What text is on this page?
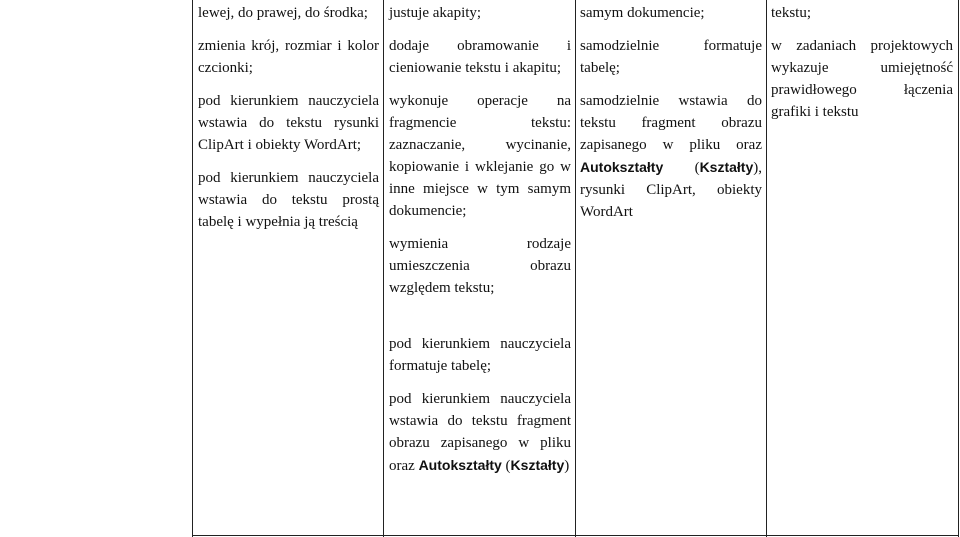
lewej, do prawej, do środka;
zmienia krój, rozmiar i kolor czcionki;
pod kierunkiem nauczyciela wstawia do tekstu rysunki ClipArt i obiekty WordArt;
pod kierunkiem nauczyciela wstawia do tekstu prostą tabelę i wypełnia ją treścią
justuje akapity;
dodaje obramowanie i cieniowanie tekstu i akapitu;
wykonuje operacje na fragmencie tekstu: zaznaczanie, wycinanie, kopiowanie i wklejanie go w inne miejsce w tym samym dokumencie;
wymienia rodzaje umieszczenia obrazu względem tekstu;
pod kierunkiem nauczyciela formatuje tabelę;
pod kierunkiem nauczyciela wstawia do tekstu fragment obrazu zapisanego w pliku oraz Autokształty (Kształty)
samym dokumencie;
samodzielnie formatuje tabelę;
samodzielnie wstawia do tekstu fragment obrazu zapisanego w pliku oraz Autokształty (Kształty), rysunki ClipArt, obiekty WordArt
tekstu;
w zadaniach projektowych wykazuje umiejętność prawidłowego łączenia grafiki i tekstu
